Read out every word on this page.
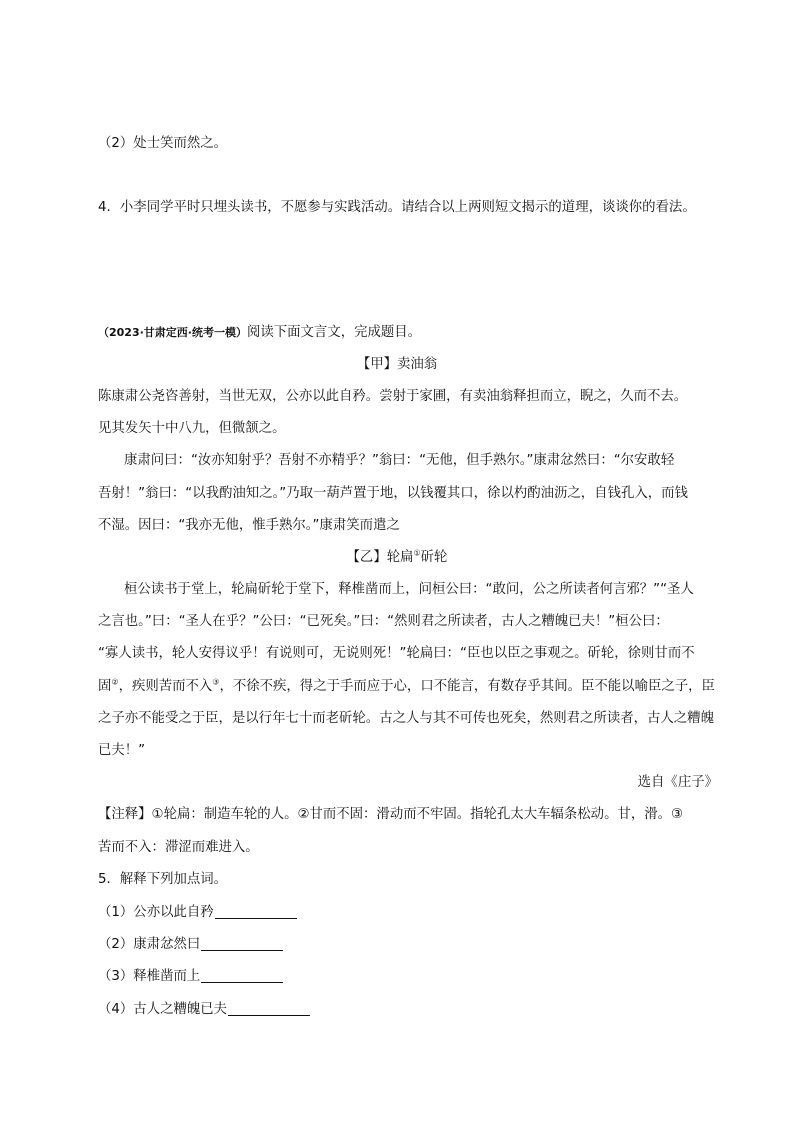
（2）处士笑而然之。
4．小李同学平时只埋头读书，不愿参与实践活动。请结合以上两则短文揭示的道理，谈谈你的看法。
（2023·甘肃定西·统考一模）阅读下面文言文，完成题目。
【甲】卖油翁
陈康肃公尧咨善射，当世无双，公亦以此自矜。尝射于家圃，有卖油翁释担而立，睨之，久而不去。
见其发矢十中八九，但微颔之。
康肃问曰：“汝亦知射乎？吾射不亦精乎？”翁曰：“无他，但手熟尔。”康肃忿然曰：“尔安敢轻
吾射！”翁曰：“以我酌油知之。”乃取一葫芦置于地，以钱覆其口，徐以杓酌油沥之，自钱孔入，而钱
不湿。因曰：“我亦无他，惟手熟尔。”康肃笑而遣之
【乙】轮扁①斫轮
桓公读书于堂上，轮扁斫轮于堂下，释椎凿而上，问桓公曰：“敢问，公之所读者何言邪？”“圣人
之言也。”曰：“圣人在乎？”公曰：“已死矣。”曰：“然则君之所读者，古人之糟魄已夫！”桓公曰：
“寡人读书，轮人安得议乎！有说则可，无说则死！”轮扁曰：“臣也以臣之事观之。斫轮，徐则甘而不
固②，疾则苦而不入③，不徐不疾，得之于手而应于心，口不能言，有数存乎其间。臣不能以喻臣之子，臣
之子亦不能受之于臣，是以行年七十而老斫轮。古之人与其不可传也死矣，然则君之所读者，古人之糟魄
已夫！”
选自《庄子》
【注释】①轮扁：制造车轮的人。②甘而不固：滑动而不牢固。指轮孔太大车辐条松动。甘，滑。③
苦而不入：滞涩而难进入。
5．解释下列加点词。
（1）公亦以此自矜
（2）康肃忿然曰
（3）释椎凿而上
（4）古人之糟魄已夫
